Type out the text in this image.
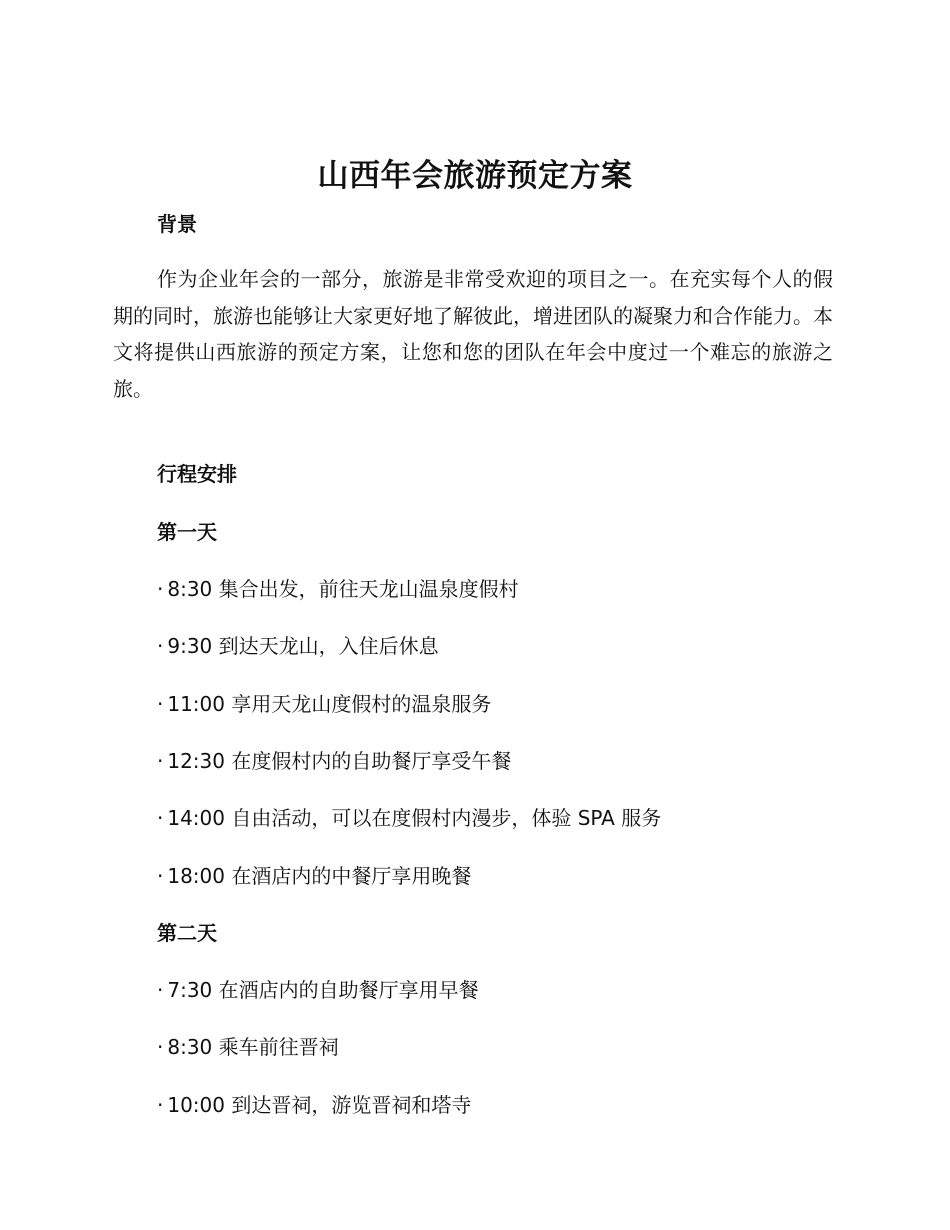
山西年会旅游预定方案
背景

作为企业年会的一部分，旅游是非常受欢迎的项目之一。在充实每个人的假期的同时，旅游也能够让大家更好地了解彼此，增进团队的凝聚力和合作能力。本文将提供山西旅游的预定方案，让您和您的团队在年会中度过一个难忘的旅游之旅。

行程安排
第一天

· 8:30 集合出发，前往天龙山温泉度假村

· 9:30 到达天龙山，入住后休息

· 11:00 享用天龙山度假村的温泉服务

· 12:30 在度假村内的自助餐厅享受午餐

· 14:00 自由活动，可以在度假村内漫步，体验 SPA 服务

· 18:00 在酒店内的中餐厅享用晚餐

第二天

· 7:30 在酒店内的自助餐厅享用早餐

· 8:30 乘车前往晋祠

· 10:00 到达晋祠，游览晋祠和塔寺
